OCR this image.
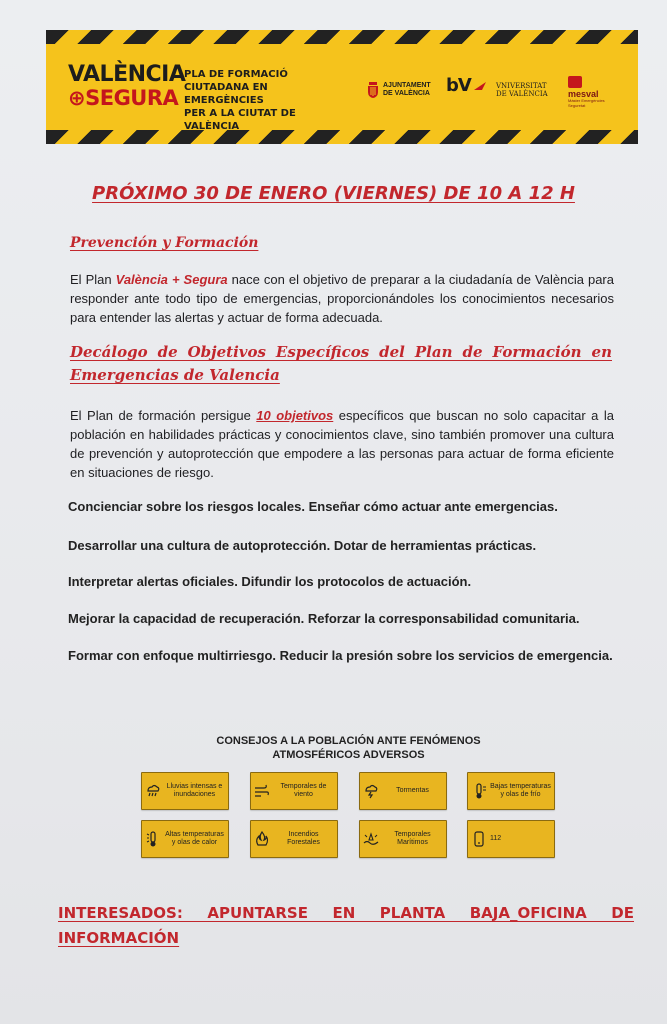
VALÈNCIA
⊕SEGURA
PLA DE FORMACIÓ
CIUTADANA EN EMERGÈNCIES
PER A LA CIUTAT DE VALÈNCIA
AJUNTAMENT
DE VALÈNCIA bV	VNIVERSITAT
DE VALÈNCIA mesval
Màster Emergències
Seguretat
PRÓXIMO 30 DE ENERO (VIERNES) DE 10 A 12 H
Prevención y Formación
El Plan València + Segura nace con el objetivo de preparar a la ciudadanía de València para responder ante todo tipo de emergencias, proporcionándoles los conocimientos necesarios para entender las alertas y actuar de forma adecuada.
Decálogo de Objetivos Específicos del Plan de Formación en Emergencias de Valencia
El Plan de formación persigue 10 objetivos específicos que buscan no solo capacitar a la población en habilidades prácticas y conocimientos clave, sino también promover una cultura de prevención y autoprotección que empodere a las personas para actuar de forma eficiente en situaciones de riesgo.
Concienciar sobre los riesgos locales. Enseñar cómo actuar ante emergencias.
Desarrollar una cultura de autoprotección. Dotar de herramientas prácticas.
Interpretar alertas oficiales. Difundir los protocolos de actuación.
Mejorar la capacidad de recuperación. Reforzar la corresponsabilidad comunitaria.
Formar con enfoque multirriesgo. Reducir la presión sobre los servicios de emergencia.
CONSEJOS A LA POBLACIÓN ANTE FENÓMENOS
ATMOSFÉRICOS ADVERSOS
Lluvias intensas e inundaciones
Temporales de viento
Tormentas
Bajas temperaturas y olas de frío
Altas temperaturas y olas de calor
Incendios Forestales
Temporales Marítimos
112
INTERESADOS: APUNTARSE EN PLANTA BAJA_OFICINA DE INFORMACIÓN
